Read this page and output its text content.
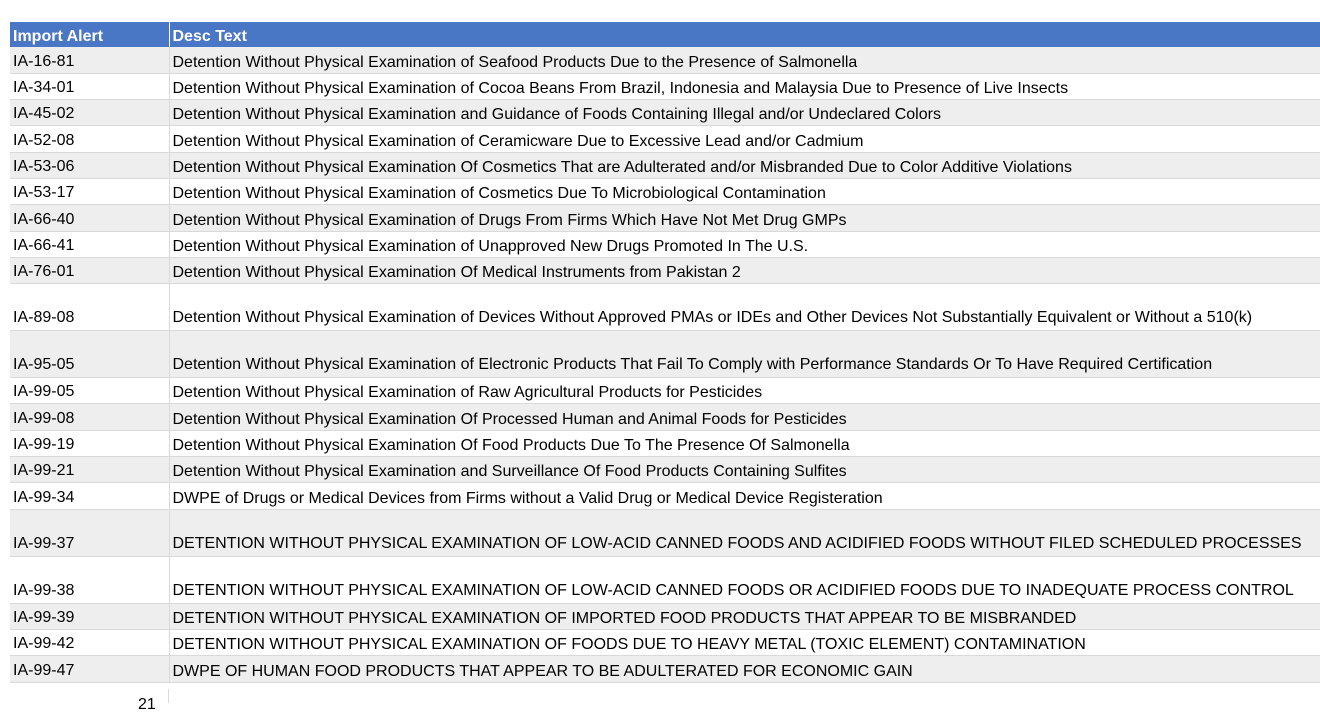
Import Alert	Desc Text
IA-16-81	Detention Without Physical Examination of Seafood Products Due to the Presence of Salmonella
IA-34-01	Detention Without Physical Examination of Cocoa Beans From Brazil, Indonesia and Malaysia Due to Presence of Live Insects
IA-45-02	Detention Without Physical Examination and Guidance of Foods Containing Illegal and/or Undeclared Colors
IA-52-08	Detention Without Physical Examination of Ceramicware Due to Excessive Lead and/or Cadmium
IA-53-06	Detention Without Physical Examination Of Cosmetics That are Adulterated and/or Misbranded Due to Color Additive Violations
IA-53-17	Detention Without Physical Examination of Cosmetics Due To Microbiological Contamination
IA-66-40	Detention Without Physical Examination of Drugs From Firms Which Have Not Met Drug GMPs
IA-66-41	Detention Without Physical Examination of Unapproved New Drugs Promoted In The U.S.
IA-76-01	Detention Without Physical Examination Of Medical Instruments from Pakistan 2
IA-89-08	Detention Without Physical Examination of Devices Without Approved PMAs or IDEs and Other Devices Not Substantially Equivalent or Without a 510(k)
IA-95-05	Detention Without Physical Examination of Electronic Products That Fail To Comply with Performance Standards Or To Have Required Certification
IA-99-05	Detention Without Physical Examination of Raw Agricultural Products for Pesticides
IA-99-08	Detention Without Physical Examination Of Processed Human and Animal Foods for Pesticides
IA-99-19	Detention Without Physical Examination Of Food Products Due To The Presence Of Salmonella
IA-99-21	Detention Without Physical Examination and Surveillance Of Food Products Containing Sulfites
IA-99-34	DWPE of Drugs or Medical Devices from Firms without a Valid Drug or Medical Device Registeration
IA-99-37	DETENTION WITHOUT PHYSICAL EXAMINATION OF LOW-ACID CANNED FOODS AND ACIDIFIED FOODS WITHOUT FILED SCHEDULED PROCESSES
IA-99-38	DETENTION WITHOUT PHYSICAL EXAMINATION OF LOW-ACID CANNED FOODS OR ACIDIFIED FOODS DUE TO INADEQUATE PROCESS CONTROL
IA-99-39	DETENTION WITHOUT PHYSICAL EXAMINATION OF IMPORTED FOOD PRODUCTS THAT APPEAR TO BE MISBRANDED
IA-99-42	DETENTION WITHOUT PHYSICAL EXAMINATION OF FOODS DUE TO HEAVY METAL (TOXIC ELEMENT) CONTAMINATION
IA-99-47	DWPE OF HUMAN FOOD PRODUCTS THAT APPEAR TO BE ADULTERATED FOR ECONOMIC GAIN
21
